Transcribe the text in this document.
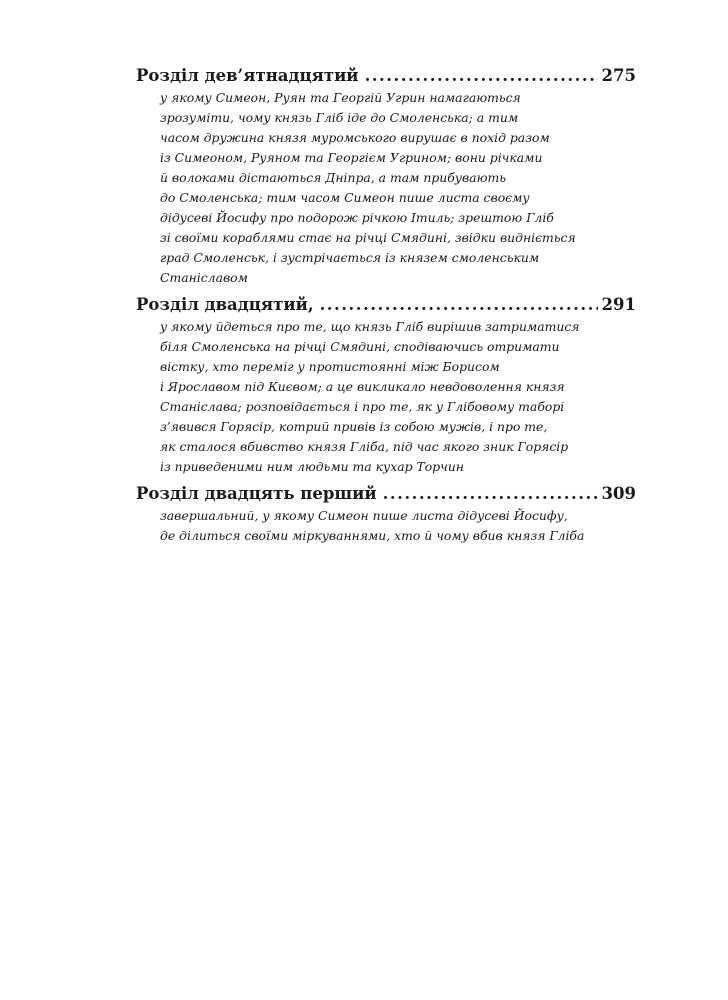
Розділ дев’ятнадцятий .....	275
у якому Симеон, Руян та Георгій Угрин намагаються
зрозуміти, чому князь Гліб іде до Смоленська; а тим
часом дружина князя муромського вирушає в похід разом
із Симеоном, Руяном та Георгієм Угрином; вони річками
й волоками дістаються Дніпра, а там прибувають
до Смоленська; тим часом Симеон пише листа своєму
дідусеві Йосифу про подорож річкою Ітиль; зрештою Гліб
зі своїми кораблями стає на річці Смядині, звідки видніється
град Смоленськ, і зустрічається із князем смоленським
Станіславом
Розділ двадцятий, .....	291
у якому йдеться про те, що князь Гліб вирішив затриматися
біля Смоленська на річці Смядині, сподіваючись отримати
вістку, хто переміг у протистоянні між Борисом
і Ярославом під Києвом; а це викликало невдоволення князя
Станіслава; розповідається і про те, як у Глібовому таборі
з’явився Горясір, котрий привів із собою мужів, і про те,
як сталося вбивство князя Гліба, під час якого зник Горясір
із приведеними ним людьми та кухар Торчин
Розділ двадцять перший .....	309
завершальний, у якому Симеон пише листа дідусеві Йосифу,
де ділиться своїми міркуваннями, хто й чому вбив князя Гліба
